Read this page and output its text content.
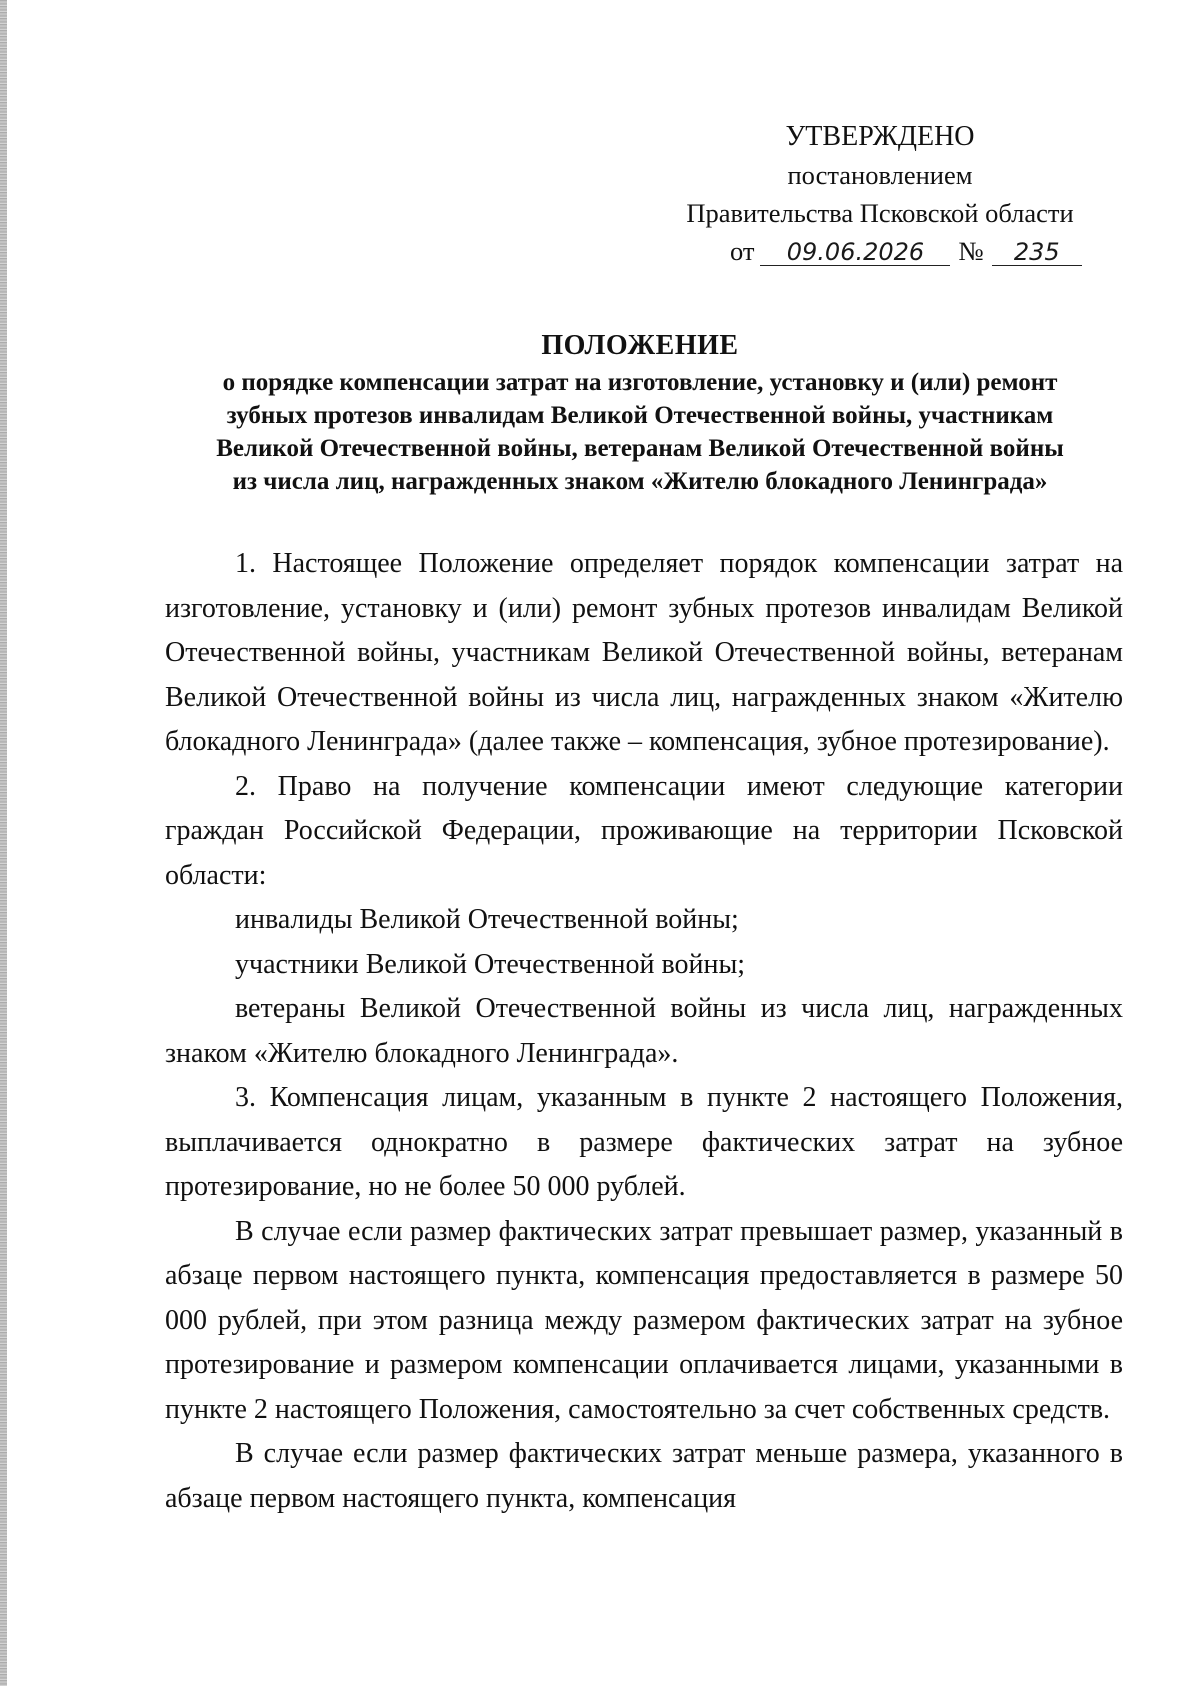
УТВЕРЖДЕНО
постановлением
Правительства Псковской области
от 09.06.2026 № 235
ПОЛОЖЕНИЕ
о порядке компенсации затрат на изготовление, установку и (или) ремонт
зубных протезов инвалидам Великой Отечественной войны, участникам
Великой Отечественной войны, ветеранам Великой Отечественной войны
из числа лиц, награжденных знаком «Жителю блокадного Ленинграда»

1. Настоящее Положение определяет порядок компенсации затрат на изготовление, установку и (или) ремонт зубных протезов инвалидам Великой Отечественной войны, участникам Великой Отечественной войны, ветеранам Великой Отечественной войны из числа лиц, награжденных знаком «Жителю блокадного Ленинграда» (далее также – компенсация, зубное протезирование).

2. Право на получение компенсации имеют следующие категории граждан Российской Федерации, проживающие на территории Псковской области:

инвалиды Великой Отечественной войны;

участники Великой Отечественной войны;

ветераны Великой Отечественной войны из числа лиц, награжденных знаком «Жителю блокадного Ленинграда».

3. Компенсация лицам, указанным в пункте 2 настоящего Положения, выплачивается однократно в размере фактических затрат на зубное протезирование, но не более 50 000 рублей.

В случае если размер фактических затрат превышает размер, указанный в абзаце первом настоящего пункта, компенсация предоставляется в размере 50 000 рублей, при этом разница между размером фактических затрат на зубное протезирование и размером компенсации оплачивается лицами, указанными в пункте 2 настоящего Положения, самостоятельно за счет собственных средств.

В случае если размер фактических затрат меньше размера, указанного в абзаце первом настоящего пункта, компенсация
